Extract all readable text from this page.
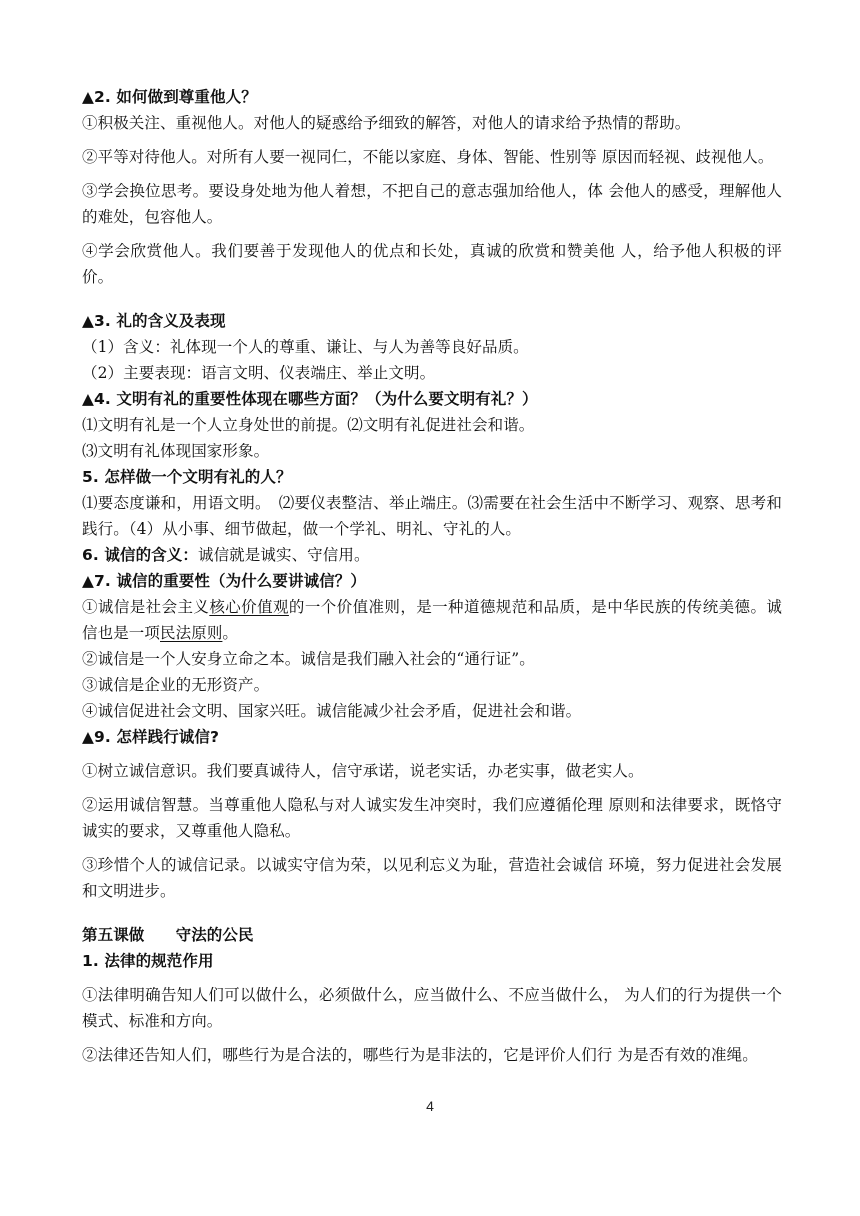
▲2. 如何做到尊重他人？

①积极关注、重视他人。对他人的疑惑给予细致的解答，对他人的请求给予热情的帮助。

②平等对待他人。对所有人要一视同仁，不能以家庭、身体、智能、性别等 原因而轻视、歧视他人。

③学会换位思考。要设身处地为他人着想，不把自己的意志强加给他人，体 会他人的感受，理解他人的难处，包容他人。

④学会欣赏他人。我们要善于发现他人的优点和长处，真诚的欣赏和赞美他 人，给予他人积极的评价。

▲3. 礼的含义及表现

（1）含义：礼体现一个人的尊重、谦让、与人为善等良好品质。

（2）主要表现：语言文明、仪表端庄、举止文明。

▲4. 文明有礼的重要性体现在哪些方面？（为什么要文明有礼？）

⑴文明有礼是一个人立身处世的前提。⑵文明有礼促进社会和谐。

⑶文明有礼体现国家形象。

5. 怎样做一个文明有礼的人？

⑴要态度谦和，用语文明。　⑵要仪表整洁、举止端庄。⑶需要在社会生活中不断学习、观察、思考和践行。（4）从小事、细节做起，做一个学礼、明礼、守礼的人。

6. 诚信的含义：诚信就是诚实、守信用。

▲7. 诚信的重要性（为什么要讲诚信？）

①诚信是社会主义核心价值观的一个价值准则，是一种道德规范和品质，是中华民族的传统美德。诚信也是一项民法原则。

②诚信是一个人安身立命之本。诚信是我们融入社会的“通行证”。

③诚信是企业的无形资产。

④诚信促进社会文明、国家兴旺。诚信能减少社会矛盾，促进社会和谐。

▲9. 怎样践行诚信?

①树立诚信意识。我们要真诚待人，信守承诺，说老实话，办老实事，做老实人。

②运用诚信智慧。当尊重他人隐私与对人诚实发生冲突时，我们应遵循伦理 原则和法律要求，既恪守诚实的要求，又尊重他人隐私。

③珍惜个人的诚信记录。以诚实守信为荣，以见利忘义为耻，营造社会诚信 环境，努力促进社会发展和文明进步。

第五课做　　守法的公民
1. 法律的规范作用

①法律明确告知人们可以做什么，必须做什么，应当做什么、不应当做什么， 为人们的行为提供一个模式、标准和方向。

②法律还告知人们，哪些行为是合法的，哪些行为是非法的，它是评价人们行 为是否有效的准绳。

4
